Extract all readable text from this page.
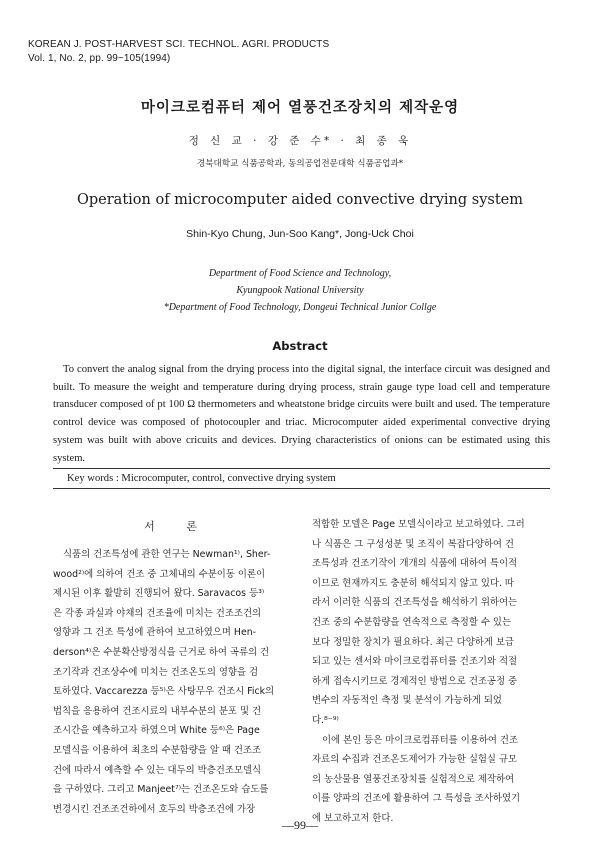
KOREAN J. POST-HARVEST SCI. TECHNOL. AGRI. PRODUCTS
Vol. 1, No. 2, pp. 99~105(1994)
마이크로컴퓨터 제어 열풍건조장치의 제작운영
정 신 교 · 강 준 수* · 최 종 욱
경북대학교 식품공학과, 동의공업전문대학 식품공업과*
Operation of microcomputer aided convective drying system
Shin-Kyo Chung, Jun-Soo Kang*, Jong-Uck Choi
Department of Food Science and Technology,
Kyungpook National University
*Department of Food Technology, Dongeui Technical Junior Collge
Abstract

To convert the analog signal from the drying process into the digital signal, the interface circuit was designed and built. To measure the weight and temperature during drying process, strain gauge type load cell and temperature transducer composed of pt 100 Ω thermometers and wheatstone bridge circuits were built and used. The temperature control device was composed of photocoupler and triac. Microcomputer aided experimental convective drying system was built with above cricuits and devices. Drying characteristics of onions can be estimated using this system.

Key words : Microcomputer, control, convective drying system
서 론
식품의 건조특성에 관한 연구는 Newman¹⁾, Sher-
wood²⁾에 의하여 건조 중 고체내의 수분이동 이론이
제시된 이후 활발히 진행되어 왔다. Saravacos 등³⁾
은 각종 과실과 야채의 건조율에 미치는 건조조건의
영향과 그 건조 특성에 관하여 보고하였으며 Hen-
derson⁴⁾은 수분확산방정식을 근거로 하여 곡류의 건
조기작과 건조상수에 미치는 건조온도의 영향을 검
토하였다. Vaccarezza 등⁵⁾은 사탕무우 건조시 Fick의
법칙을 응용하여 건조시료의 내부수분의 분포 및 건
조시간을 예측하고자 하였으며 White 등⁶⁾은 Page
모델식을 이용하여 최초의 수분함량을 알 때 건조조
건에 따라서 예측할 수 있는 대두의 박층건조모델식
을 구하였다. 그리고 Manjeet⁷⁾는 건조온도와 습도를
변경시킨 건조조건하에서 호두의 박층조건에 가장
적합한 모델은 Page 모델식이라고 보고하였다. 그러
나 식품은 그 구성성분 및 조직이 복잡다양하여 건
조특성과 건조기작이 개개의 식품에 대하여 특이적
이므로 현재까지도 충분히 해석되지 않고 있다. 따
라서 이러한 식품의 건조특성을 해석하기 위하여는
건조 중의 수분함량을 연속적으로 측정할 수 있는
보다 정밀한 장치가 필요하다. 최근 다양하게 보급
되고 있는 센서와 마이크로컴퓨터를 건조기와 적절
하게 접속시키므로 경제적인 방법으로 건조공정 중
변수의 자동적인 측정 및 분석이 가능하게 되었
다.⁸⁻⁹⁾
이에 본인 등은 마이크로컴퓨터를 이용하여 건조
자료의 수집과 건조온도제어가 가능한 실험실 규모
의 농산물용 열풍건조장치를 실험적으로 제작하여
이를 양파의 건조에 활용하여 그 특성을 조사하였기
에 보고하고저 한다.
—99—
